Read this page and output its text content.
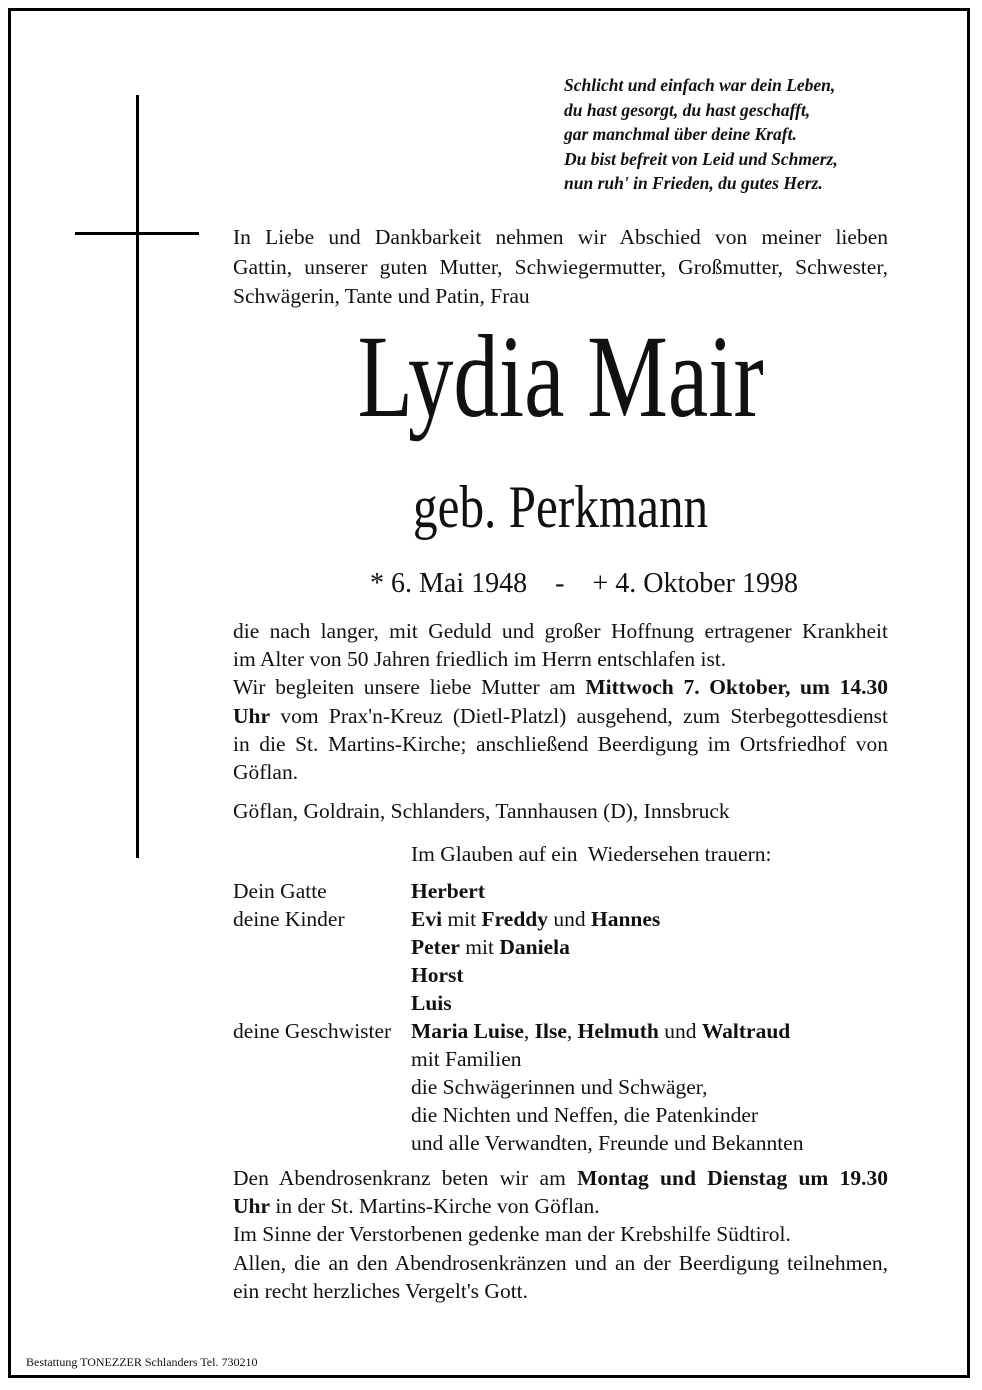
Schlicht und einfach war dein Leben,
du hast gesorgt, du hast geschafft,
gar manchmal über deine Kraft.
Du bist befreit von Leid und Schmerz,
nun ruh' in Frieden, du gutes Herz.
In Liebe und Dankbarkeit nehmen wir Abschied von meiner lieben
Gattin, unserer guten Mutter, Schwiegermutter, Großmutter, Schwester,
Schwägerin, Tante und Patin, Frau
Lydia Mair
geb. Perkmann
* 6. Mai 1948    -    + 4. Oktober 1998
die nach langer, mit Geduld und großer Hoffnung ertragener Krankheit
im Alter von 50 Jahren friedlich im Herrn entschlafen ist.
Wir begleiten unsere liebe Mutter am Mittwoch 7. Oktober, um 14.30
Uhr vom Prax'n-Kreuz (Dietl-Platzl) ausgehend, zum Sterbegottesdienst
in die St. Martins-Kirche; anschließend Beerdigung im Ortsfriedhof von
Göflan.
Göflan, Goldrain, Schlanders, Tannhausen (D), Innsbruck
Im Glauben auf ein  Wiedersehen trauern:
Dein Gatte	Herbert
deine Kinder	Evi mit Freddy und Hannes
Peter mit Daniela
Horst
Luis
deine Geschwister Maria Luise, Ilse, Helmuth und Waltraud
mit Familien
die Schwägerinnen und Schwäger,
die Nichten und Neffen, die Patenkinder
und alle Verwandten, Freunde und Bekannten
Den Abendrosenkranz beten wir am Montag und Dienstag um 19.30
Uhr in der St. Martins-Kirche von Göflan.
Im Sinne der Verstorbenen gedenke man der Krebshilfe Südtirol.
Allen, die an den Abendrosenkränzen und an der Beerdigung teilnehmen,
ein recht herzliches Vergelt's Gott.
Bestattung TONEZZER Schlanders Tel. 730210
